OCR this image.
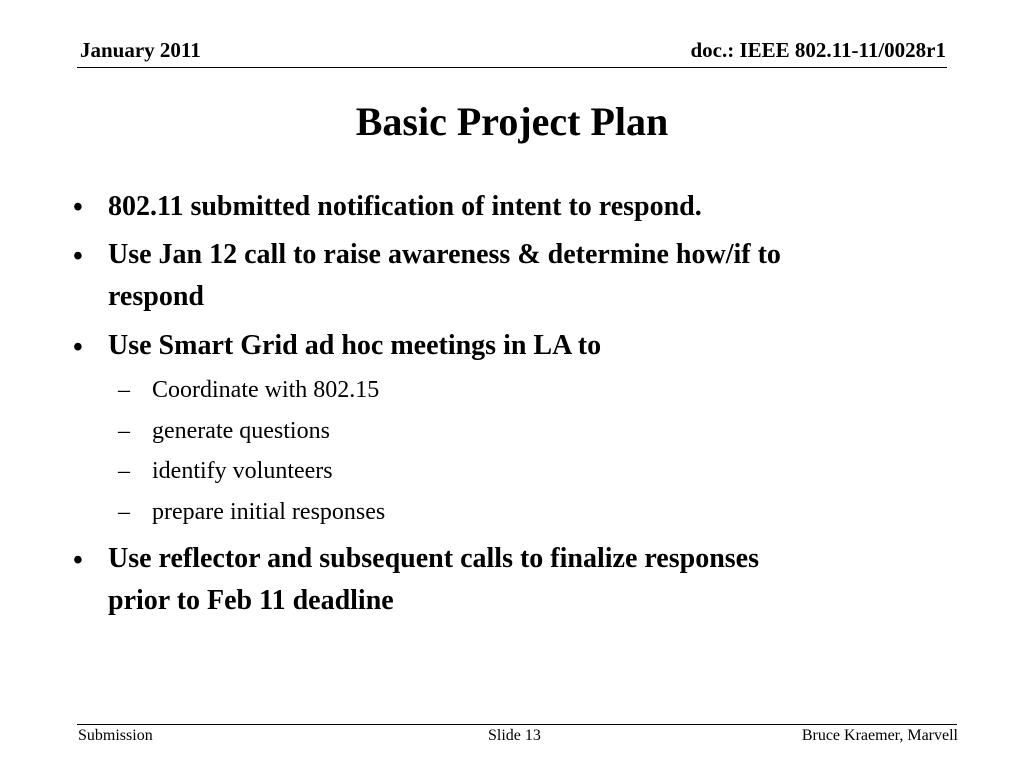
January 2011	doc.: IEEE 802.11-11/0028r1
Basic Project Plan
• 802.11 submitted notification of intent to respond.
• Use Jan 12 call to raise awareness & determine how/if to
respond
• Use Smart Grid ad hoc meetings in LA to
– Coordinate with 802.15
– generate questions
– identify volunteers
– prepare initial responses
• Use reflector and subsequent calls to finalize responses
prior to Feb 11 deadline
Submission	Slide 13	Bruce Kraemer, Marvell
